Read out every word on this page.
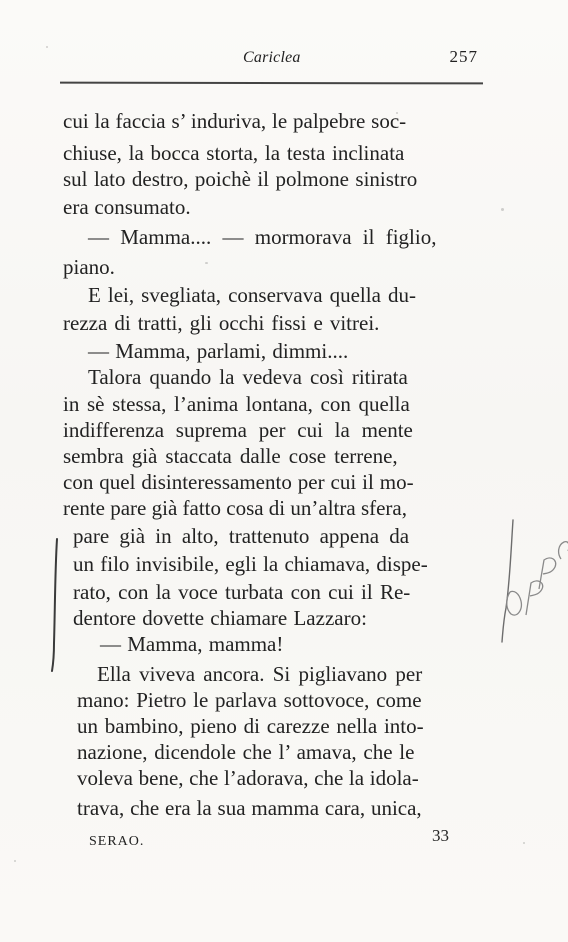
Cariclea	257
cui la faccia s’ induriva, le palpebre soc-
chiuse, la bocca storta, la testa inclinata
sul lato destro, poichè il polmone sinistro
era consumato.
— Mamma.... — mormorava il figlio,
piano.
E lei, svegliata, conservava quella du-
rezza di tratti, gli occhi fissi e vitrei.
— Mamma, parlami, dimmi....
Talora quando la vedeva così ritirata
in sè stessa, l’anima lontana, con quella
indifferenza suprema per cui la mente
sembra già staccata dalle cose terrene,
con quel disinteressamento per cui il mo-
rente pare già fatto cosa di un’altra sfera,
pare già in alto, trattenuto appena da
un filo invisibile, egli la chiamava, dispe-
rato, con la voce turbata con cui il Re-
dentore dovette chiamare Lazzaro:
— Mamma, mamma!
Ella viveva ancora. Si pigliavano per
mano: Pietro le parlava sottovoce, come
un bambino, pieno di carezze nella into-
nazione, dicendole che l’ amava, che le
voleva bene, che l’adorava, che la idola-
trava, che era la sua mamma cara, unica,
SERAO.	33
